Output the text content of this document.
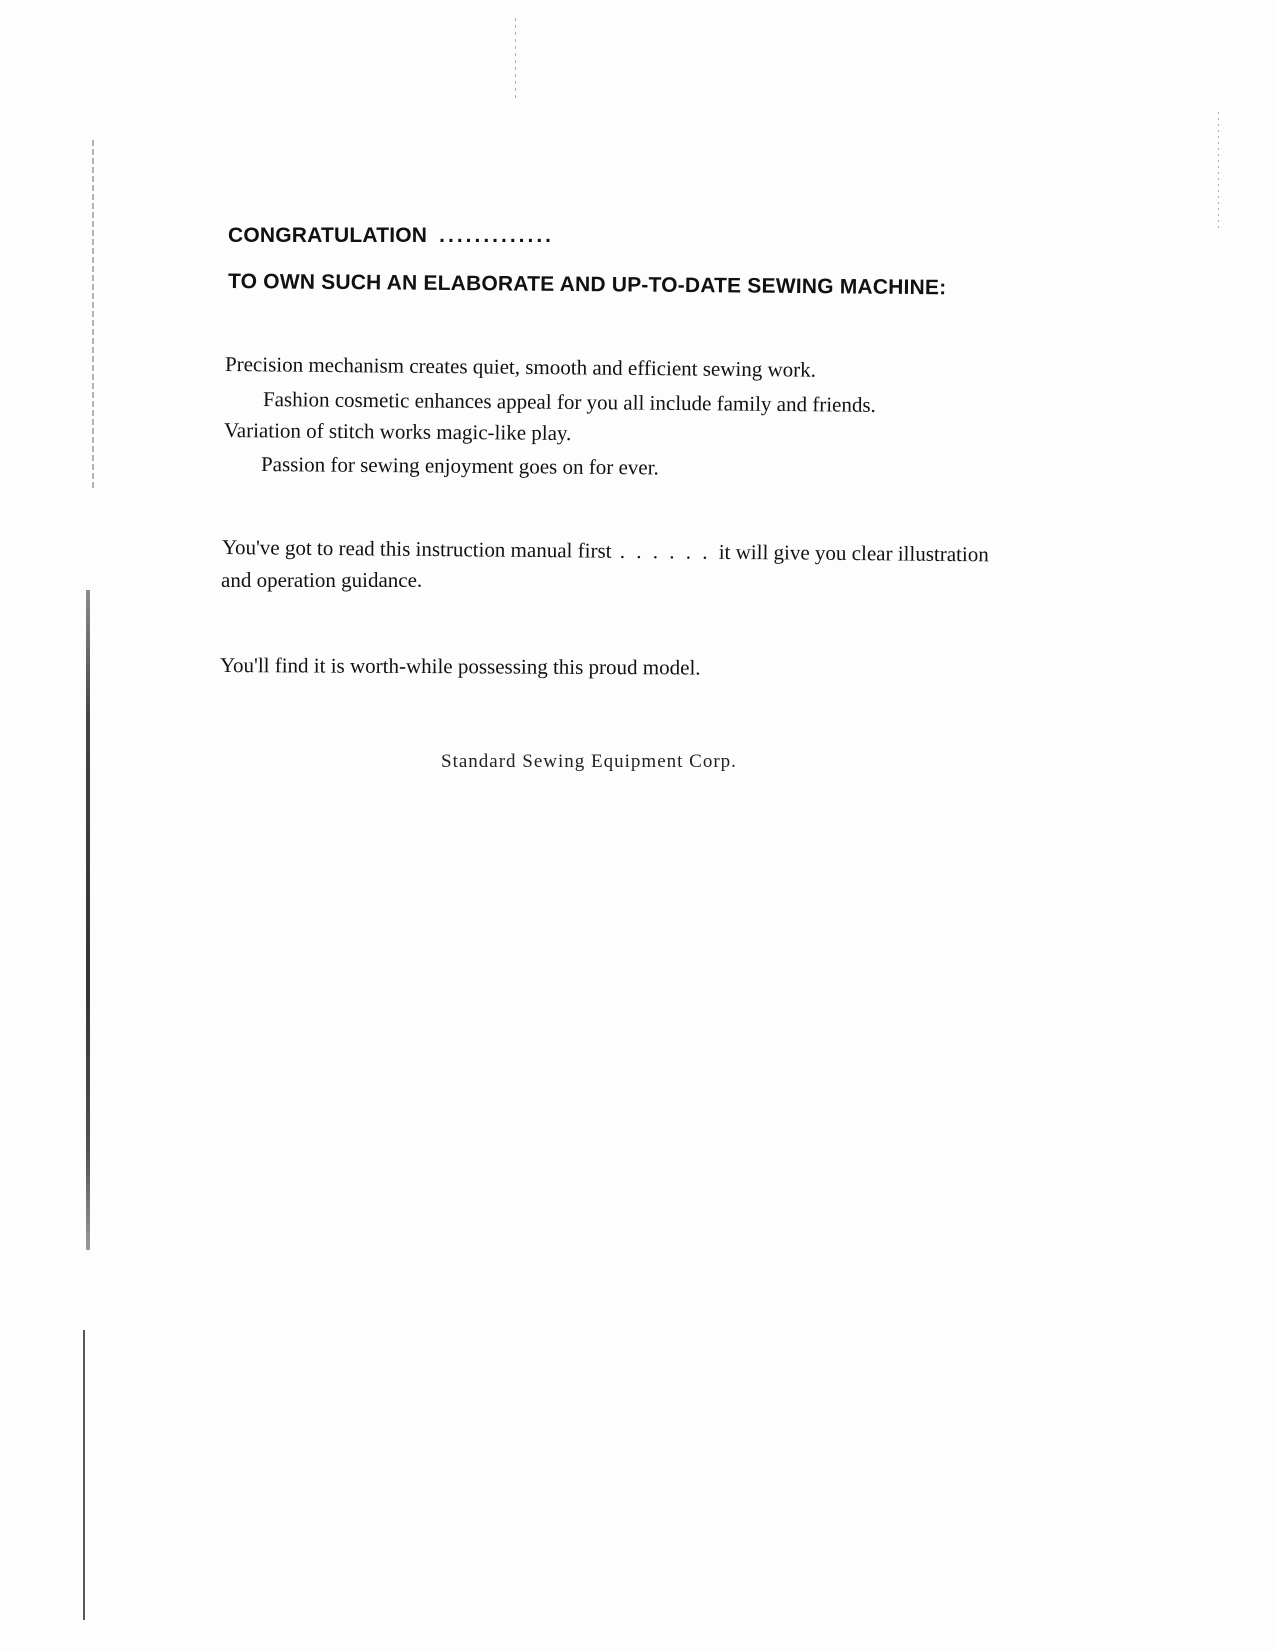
CONGRATULATION .............
TO OWN SUCH AN ELABORATE AND UP-TO-DATE SEWING MACHINE:

Precision mechanism creates quiet, smooth and efficient sewing work.

Fashion cosmetic enhances appeal for you all include family and friends.

Variation of stitch works magic-like play.

Passion for sewing enjoyment goes on for ever.

You've got to read this instruction manual first . . . . . . it will give you clear illustration

and operation guidance.

You'll find it is worth-while possessing this proud model.

Standard Sewing Equipment Corp.
